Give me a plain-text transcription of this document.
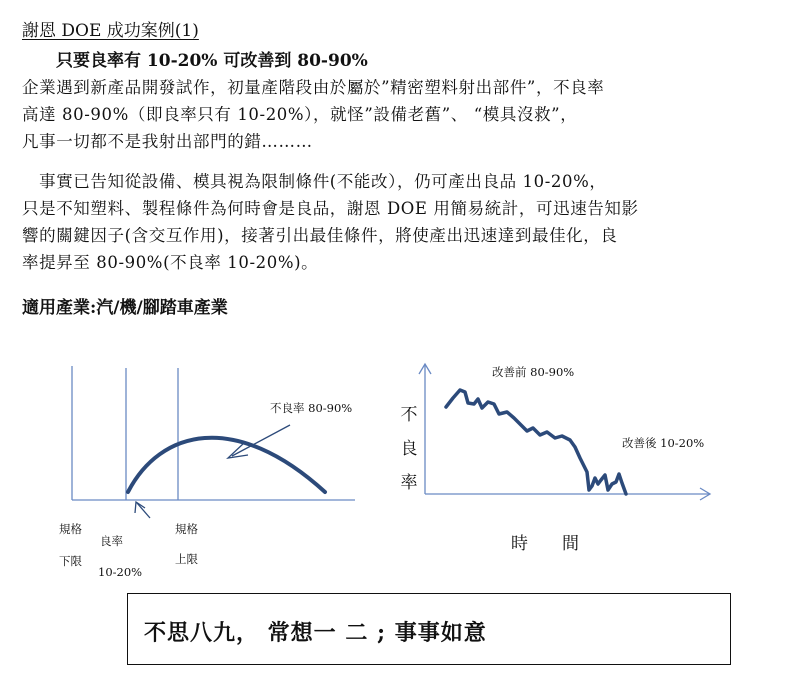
謝恩 DOE 成功案例(1)
只要良率有 10-20% 可改善到 80-90%
企業遇到新產品開發試作，初量產階段由於屬於”精密塑料射出部件”，不良率
高達 80-90%（即良率只有 10-20%），就怪”設備老舊”、 “模具沒救”，
凡事一切都不是我射出部門的錯………
　事實已告知從設備、模具視為限制條件(不能改），仍可產出良品 10-20%，
只是不知塑料、製程條件為何時會是良品，謝恩 DOE 用簡易統計，可迅速告知影
響的關鍵因子(含交互作用)，接著引出最佳條件，將使產出迅速達到最佳化，良
率提昇至 80-90%(不良率 10-20%)。
適用產業:汽/機/腳踏車產業
不良率 80-90%
規格
下限
良率
10-20%
規格
上限
改善前 80-90%
改善後 10-20%
不
良
率
時間
不思八九， 常想一 二 ; 事事如意
